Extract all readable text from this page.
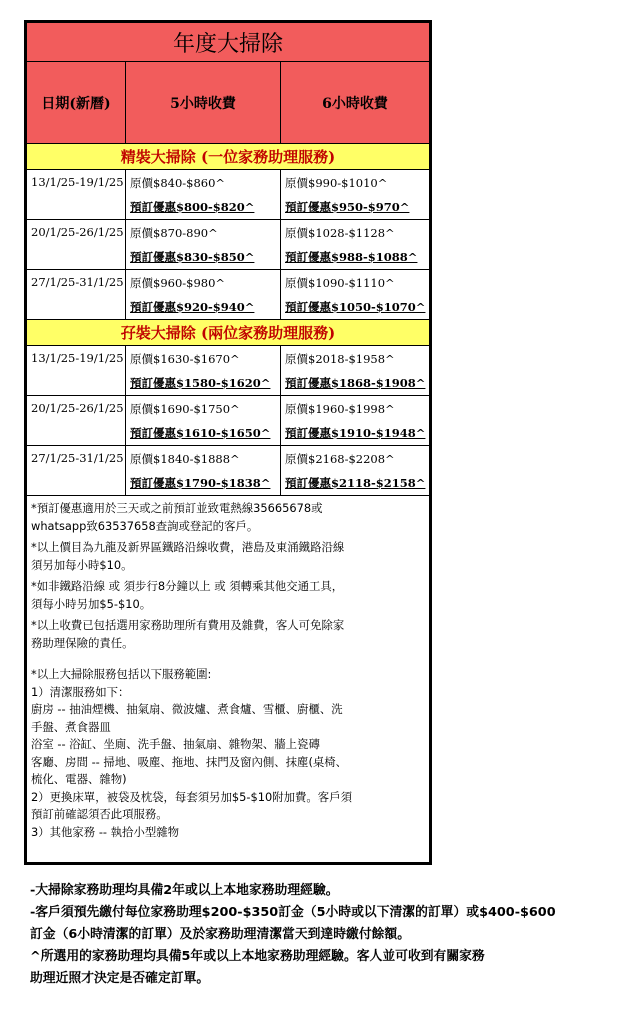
年度大掃除
日期(新曆)	5小時收費	6小時收費
精裝大掃除 (一位家務助理服務)
13/1/25-19/1/25 原價$840-$860^
預訂優惠$800-$820^
原價$990-$1010^
預訂優惠$950-$970^
20/1/25-26/1/25 原價$870-890^
預訂優惠$830-$850^
原價$1028-$1128^
預訂優惠$988-$1088^
27/1/25-31/1/25 原價$960-$980^
預訂優惠$920-$940^
原價$1090-$1110^
預訂優惠$1050-$1070^
孖裝大掃除 (兩位家務助理服務)
13/1/25-19/1/25 原價$1630-$1670^
預訂優惠$1580-$1620^
原價$2018-$1958^
預訂優惠$1868-$1908^
20/1/25-26/1/25 原價$1690-$1750^
預訂優惠$1610-$1650^
原價$1960-$1998^
預訂優惠$1910-$1948^
27/1/25-31/1/25 原價$1840-$1888^
預訂優惠$1790-$1838^
原價$2168-$2208^
預訂優惠$2118-$2158^
*預訂優惠適用於三天或之前預訂並致電熱線35665678或
whatsapp致63537658查詢或登記的客戶。
*以上價目為九龍及新界區鐵路沿線收費，港島及東涌鐵路沿線
須另加每小時$10。
*如非鐵路沿線 或 須步行8分鐘以上 或 須轉乘其他交通工具，
須每小時另加$5-$10。
*以上收費已包括選用家務助理所有費用及雜費，客人可免除家
務助理保險的責任。
*以上大掃除服務包括以下服務範圍:
1）清潔服務如下：
廚房 -- 抽油煙機、抽氣扇、微波爐、煮食爐、雪櫃、廚櫃、洗
手盤、煮食器皿
浴室 -- 浴缸、坐廁、洗手盤、抽氣扇、雜物架、牆上瓷磚
客廳、房間 -- 掃地、吸塵、拖地、抹門及窗內側、抹塵(桌椅、
梳化、電器、雜物)
2）更換床單，被袋及枕袋，每套須另加$5-$10附加費。客戶須
預訂前確認須否此項服務。
3）其他家務 -- 執拾小型雜物

-大掃除家務助理均具備2年或以上本地家務助理經驗。

-客戶須預先繳付每位家務助理$200-$350訂金（5小時或以下清潔的訂單）或$400-$600

訂金（6小時清潔的訂單）及於家務助理清潔當天到達時繳付餘額。

^所選用的家務助理均具備5年或以上本地家務助理經驗。客人並可收到有關家務

助理近照才決定是否確定訂單。
